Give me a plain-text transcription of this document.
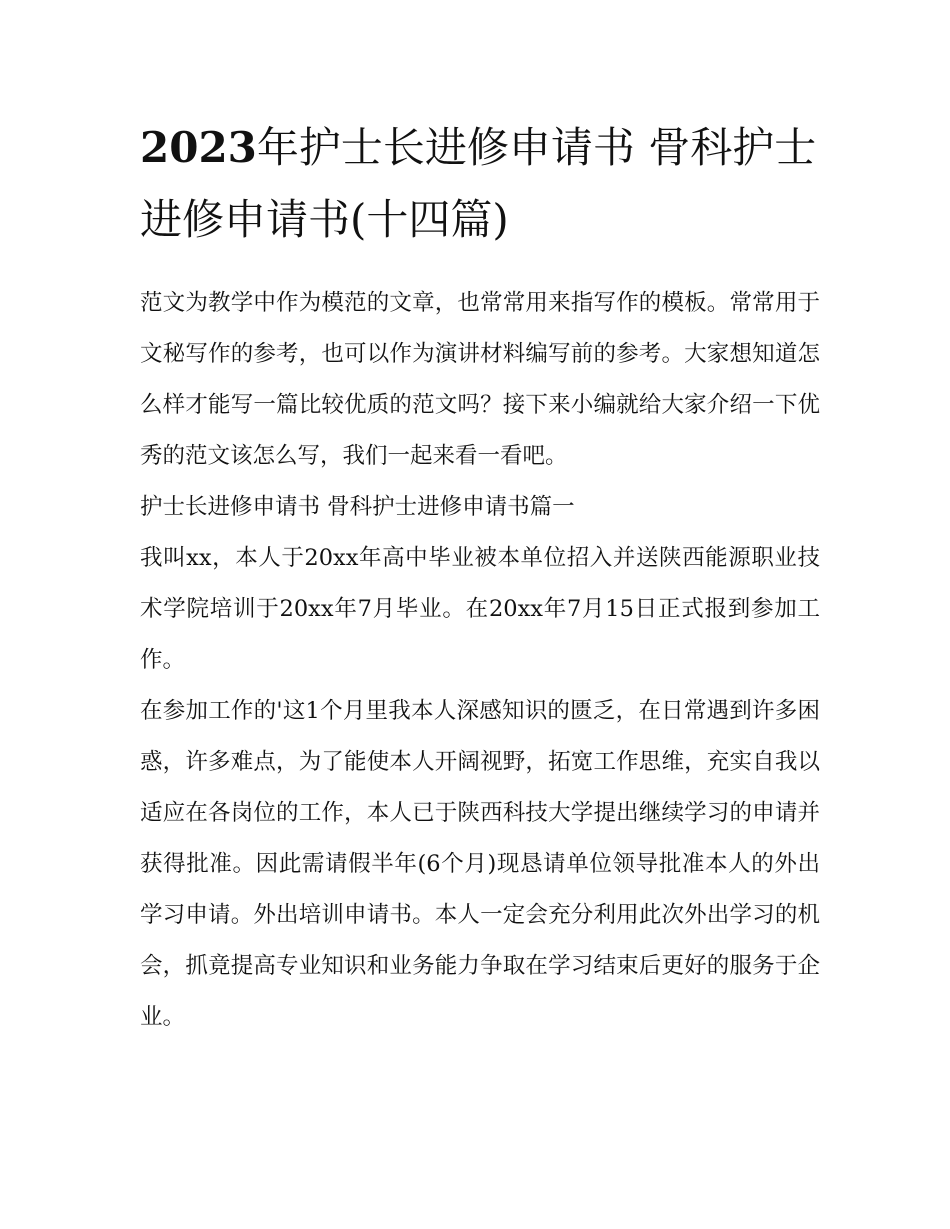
2023年护士长进修申请书 骨科护士进修申请书(十四篇)

范文为教学中作为模范的文章，也常常用来指写作的模板。常常用于文秘写作的参考，也可以作为演讲材料编写前的参考。大家想知道怎么样才能写一篇比较优质的范文吗？接下来小编就给大家介绍一下优秀的范文该怎么写，我们一起来看一看吧。

护士长进修申请书 骨科护士进修申请书篇一

我叫xx，本人于20xx年高中毕业被本单位招入并送陕西能源职业技术学院培训于20xx年7月毕业。在20xx年7月15日正式报到参加工作。

在参加工作的'这1个月里我本人深感知识的匮乏，在日常遇到许多困惑，许多难点，为了能使本人开阔视野，拓宽工作思维，充实自我以适应在各岗位的工作，本人已于陕西科技大学提出继续学习的申请并获得批准。因此需请假半年(6个月)现恳请单位领导批准本人的外出学习申请。外出培训申请书。本人一定会充分利用此次外出学习的机会，抓竟提高专业知识和业务能力争取在学习结束后更好的服务于企业。
